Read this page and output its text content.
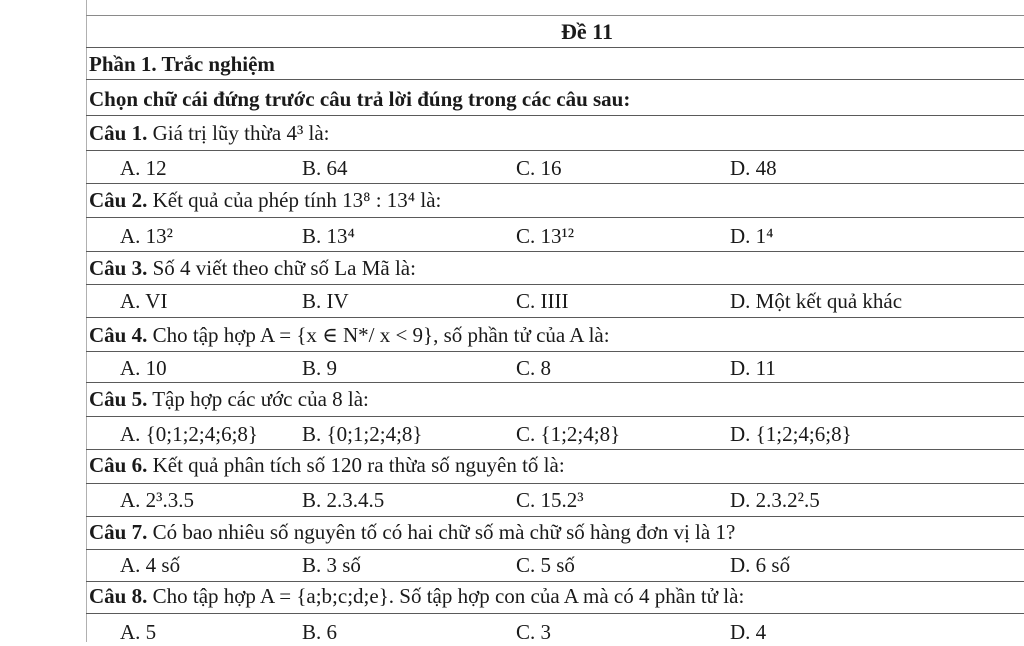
Đề 11
Phần 1. Trắc nghiệm
Chọn chữ cái đứng trước câu trả lời đúng trong các câu sau:
Câu 1. Giá trị lũy thừa 4³ là:
A. 12	B. 64	C. 16	D. 48
Câu 2. Kết quả của phép tính 13⁸ : 13⁴ là:
A. 13²	B. 13⁴	C. 13¹²	D. 1⁴
Câu 3. Số 4 viết theo chữ số La Mã là:
A. VI	B. IV	C. IIII	D. Một kết quả khác
Câu 4. Cho tập hợp A = {x ∈ N*/ x < 9}, số phần tử của A là:
A. 10	B. 9	C. 8	D. 11
Câu 5. Tập hợp các ước của 8 là:
A. {0;1;2;4;6;8} B. {0;1;2;4;8}	C. {1;2;4;8}	D. {1;2;4;6;8}
Câu 6. Kết quả phân tích số 120 ra thừa số nguyên tố là:
A. 2³.3.5	B. 2.3.4.5	C. 15.2³	D. 2.3.2².5
Câu 7. Có bao nhiêu số nguyên tố có hai chữ số mà chữ số hàng đơn vị là 1?
A. 4 số	B. 3 số	C. 5 số	D. 6 số
Câu 8. Cho tập hợp A = {a;b;c;d;e}. Số tập hợp con của A mà có 4 phần tử là:
A. 5	B. 6	C. 3	D. 4
